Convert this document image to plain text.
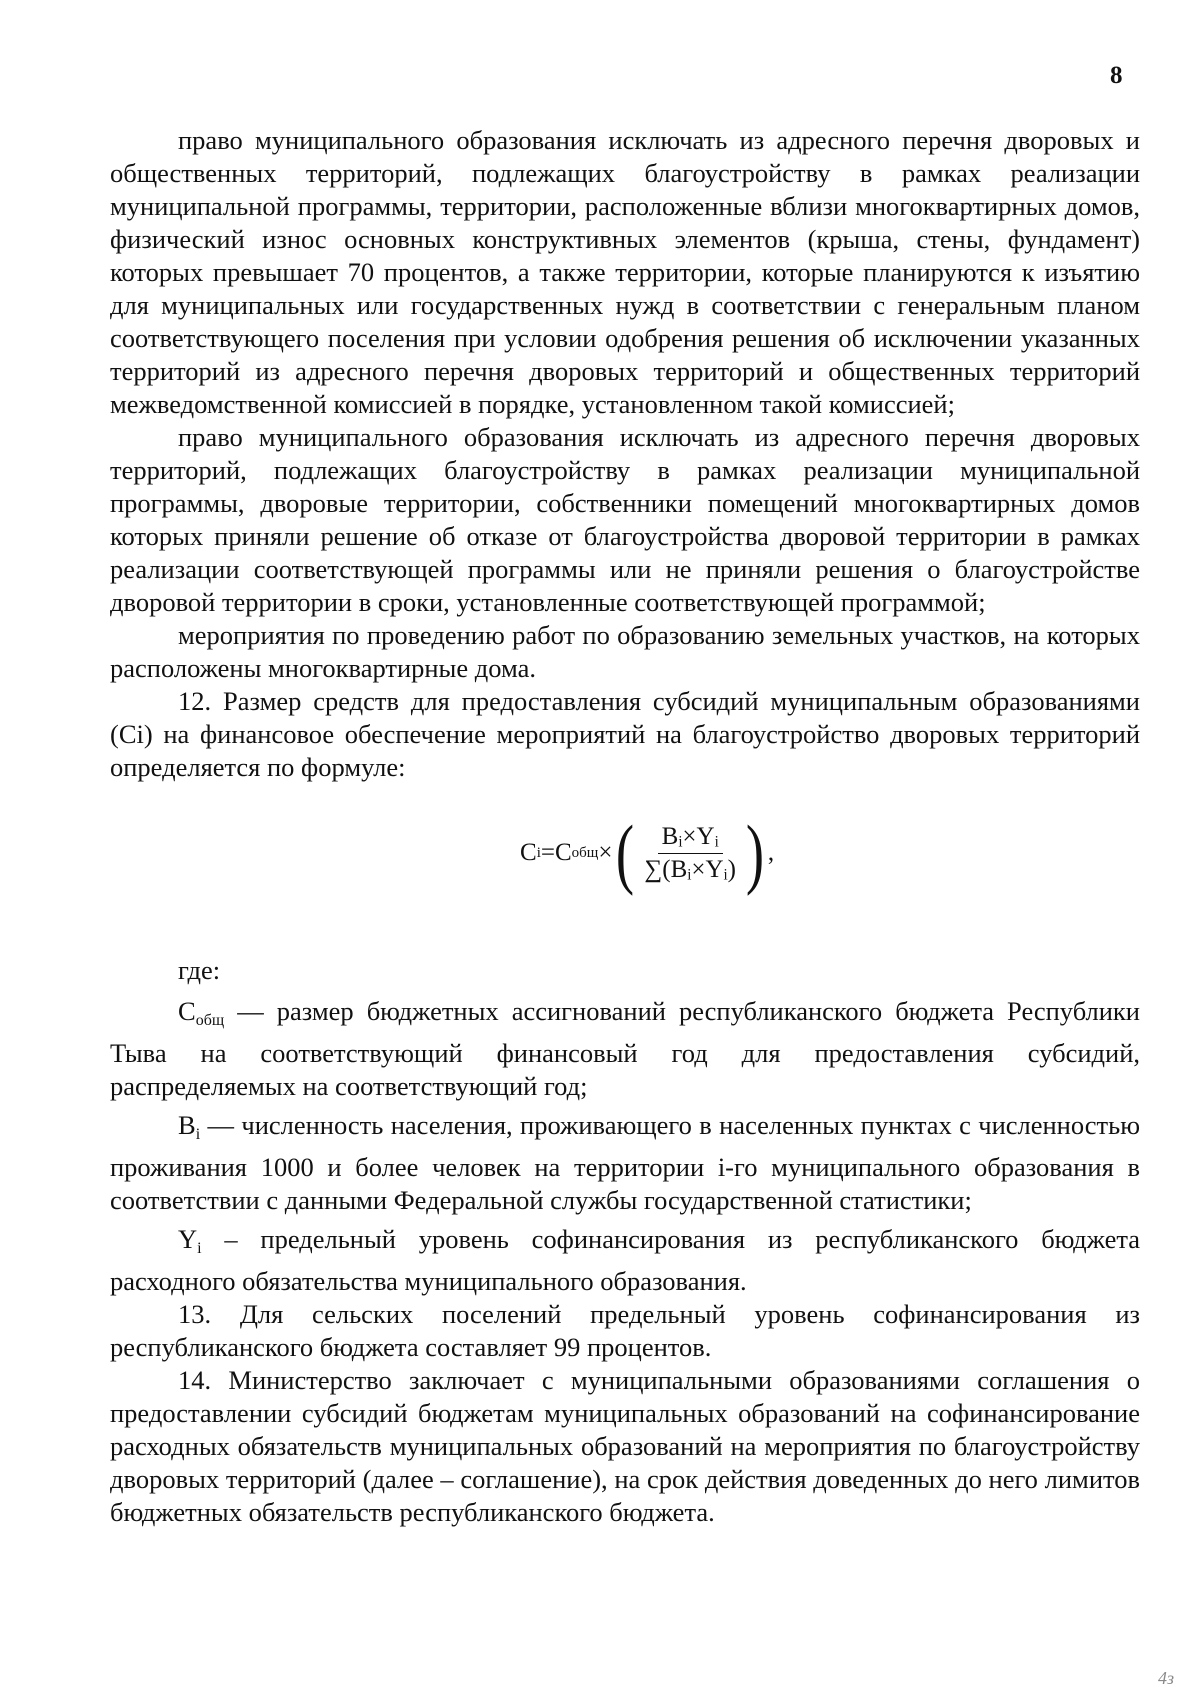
8

право муниципального образования исключать из адресного перечня дворовых и общественных территорий, подлежащих благоустройству в рамках реализации муниципальной программы, территории, расположенные вблизи многоквартирных домов, физический износ основных конструктивных элементов (крыша, стены, фундамент) которых превышает 70 процентов, а также территории, которые планируются к изъятию для муниципальных или государственных нужд в соответствии с генеральным планом соответствующего поселения при условии одобрения решения об исключении указанных территорий из адресного перечня дворовых территорий и общественных территорий межведомственной комиссией в порядке, установленном такой комиссией;

право муниципального образования исключать из адресного перечня дворовых территорий, подлежащих благоустройству в рамках реализации муниципальной программы, дворовые территории, собственники помещений многоквартирных домов которых приняли решение об отказе от благоустройства дворовой территории в рамках реализации соответствующей программы или не приняли решения о благоустройстве дворовой территории в сроки, установленные соответствующей программой;

мероприятия по проведению работ по образованию земельных участков, на которых расположены многоквартирные дома.

12. Размер средств для предоставления субсидий муниципальным образованиями (Ci) на финансовое обеспечение мероприятий на благоустройство дворовых территорий определяется по формуле:

C i =C общ × ( $\frac{\text{Bᵢ×Yᵢ}}{\text{∑(Bᵢ×Yᵢ)}}$ ) ,

где:

Собщ — размер бюджетных ассигнований республиканского бюджета Республики Тыва на соответствующий финансовый год для предоставления субсидий, распределяемых на соответствующий год;

Bi — численность населения, проживающего в населенных пунктах с численностью проживания 1000 и более человек на территории i-го муниципального образования в соответствии с данными Федеральной службы государственной статистики;

Yi – предельный уровень софинансирования из республиканского бюджета расходного обязательства муниципального образования.

13. Для сельских поселений предельный уровень софинансирования из республиканского бюджета составляет 99 процентов.

14. Министерство заключает с муниципальными образованиями соглашения о предоставлении субсидий бюджетам муниципальных образований на софинансирование расходных обязательств муниципальных образований на мероприятия по благоустройству дворовых территорий (далее – соглашение), на срок действия доведенных до него лимитов бюджетных обязательств республиканского бюджета.

4з
